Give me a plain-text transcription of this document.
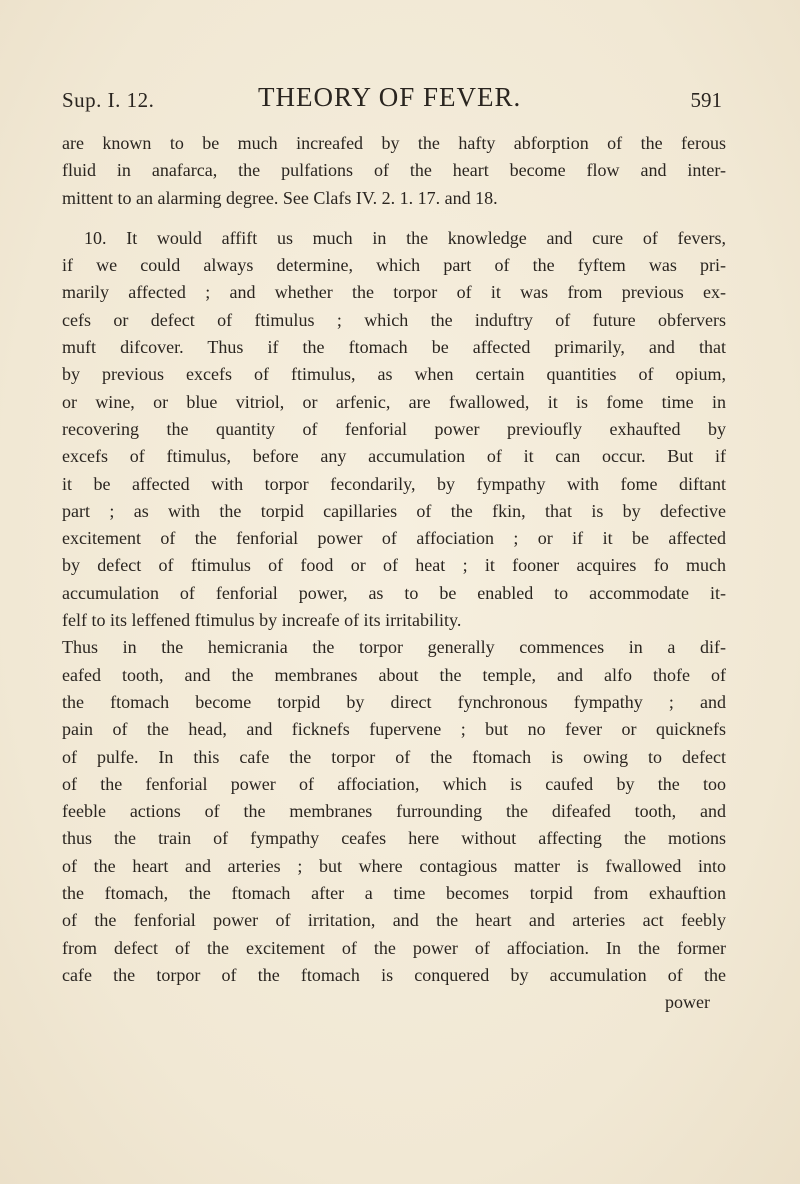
Sup. I. 12.	THEORY OF FEVER.	591
are known to be much increafed by the hafty abforption of the ferous
fluid in anafarca, the pulfations of the heart become flow and inter-
mittent to an alarming degree. See Clafs IV. 2. 1. 17. and 18.
10. It would affift us much in the knowledge and cure of fevers,
if we could always determine, which part of the fyftem was pri-
marily affected ; and whether the torpor of it was from previous ex-
cefs or defect of ftimulus ; which the induftry of future obfervers
muft difcover. Thus if the ftomach be affected primarily, and that
by previous excefs of ftimulus, as when certain quantities of opium,
or wine, or blue vitriol, or arfenic, are fwallowed, it is fome time in
recovering the quantity of fenforial power previoufly exhaufted by
excefs of ftimulus, before any accumulation of it can occur. But if
it be affected with torpor fecondarily, by fympathy with fome diftant
part ; as with the torpid capillaries of the fkin, that is by defective
excitement of the fenforial power of affociation ; or if it be affected
by defect of ftimulus of food or of heat ; it fooner acquires fo much
accumulation of fenforial power, as to be enabled to accommodate it-
felf to its leffened ftimulus by increafe of its irritability.
Thus in the hemicrania the torpor generally commences in a dif-
eafed tooth, and the membranes about the temple, and alfo thofe of
the ftomach become torpid by direct fynchronous fympathy ; and
pain of the head, and ficknefs fupervene ; but no fever or quicknefs
of pulfe. In this cafe the torpor of the ftomach is owing to defect
of the fenforial power of affociation, which is caufed by the too
feeble actions of the membranes furrounding the difeafed tooth, and
thus the train of fympathy ceafes here without affecting the motions
of the heart and arteries ; but where contagious matter is fwallowed into
the ftomach, the ftomach after a time becomes torpid from exhauftion
of the fenforial power of irritation, and the heart and arteries act feebly
from defect of the excitement of the power of affociation. In the former
cafe the torpor of the ftomach is conquered by accumulation of the
power
